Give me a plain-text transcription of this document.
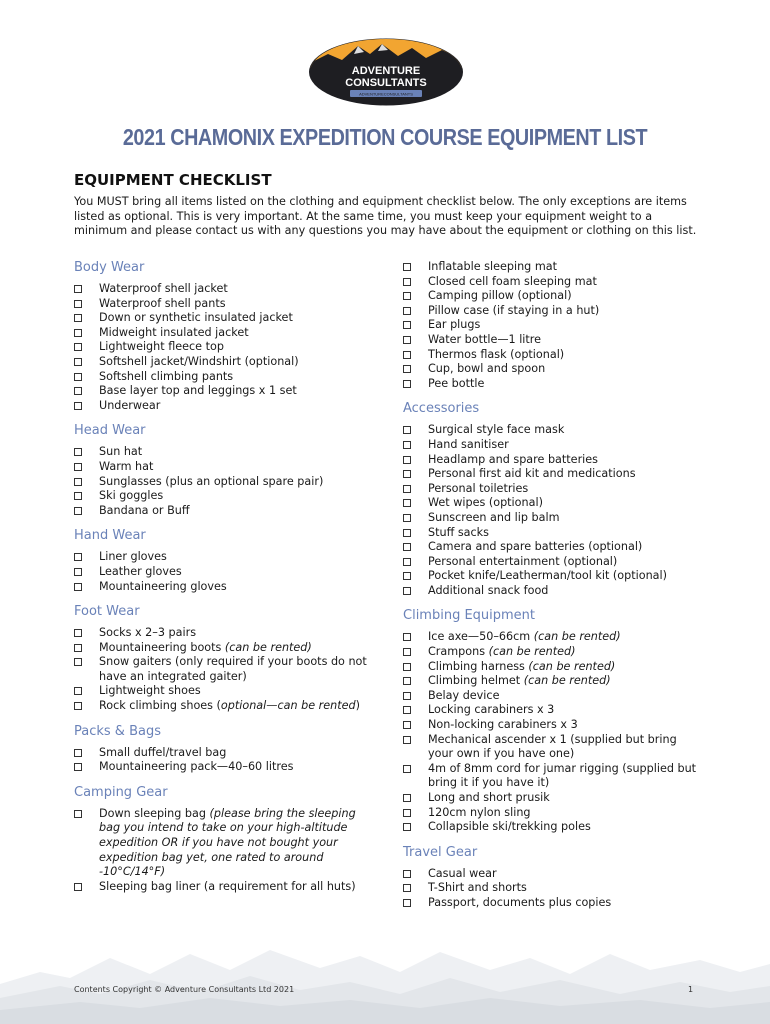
ADVENTURE
CONSULTANTS
ADVENTURECONSULTANTS
2021 CHAMONIX EXPEDITION COURSE EQUIPMENT LIST
EQUIPMENT CHECKLIST
You MUST bring all items listed on the clothing and equipment checklist below. The only exceptions are items listed as optional. This is very important. At the same time, you must keep your equipment weight to a minimum and please contact us with any questions you may have about the equipment or clothing on this list.
Body Wear
Waterproof shell jacket
Waterproof shell pants
Down or synthetic insulated jacket
Midweight insulated jacket
Lightweight fleece top
Softshell jacket/Windshirt (optional)
Softshell climbing pants
Base layer top and leggings x 1 set
Underwear
Head Wear
Sun hat
Warm hat
Sunglasses (plus an optional spare pair)
Ski goggles
Bandana or Buff
Hand Wear
Liner gloves
Leather gloves
Mountaineering gloves
Foot Wear
Socks x 2–3 pairs
Mountaineering boots (can be rented)
Snow gaiters (only required if your boots do not have an integrated gaiter)
Lightweight shoes
Rock climbing shoes (optional—can be rented)
Packs & Bags
Small duffel/travel bag
Mountaineering pack—40–60 litres
Camping Gear
Down sleeping bag (please bring the sleeping bag you intend to take on your high-altitude expedition OR if you have not bought your expedition bag yet, one rated to around -10°C/14°F)
Sleeping bag liner (a requirement for all huts)
Inflatable sleeping mat
Closed cell foam sleeping mat
Camping pillow (optional)
Pillow case (if staying in a hut)
Ear plugs
Water bottle—1 litre
Thermos flask (optional)
Cup, bowl and spoon
Pee bottle
Accessories
Surgical style face mask
Hand sanitiser
Headlamp and spare batteries
Personal first aid kit and medications
Personal toiletries
Wet wipes (optional)
Sunscreen and lip balm
Stuff sacks
Camera and spare batteries (optional)
Personal entertainment (optional)
Pocket knife/Leatherman/tool kit (optional)
Additional snack food
Climbing Equipment
Ice axe—50–66cm (can be rented)
Crampons (can be rented)
Climbing harness (can be rented)
Climbing helmet (can be rented)
Belay device
Locking carabiners x 3
Non-locking carabiners x 3
Mechanical ascender x 1 (supplied but bring your own if you have one)
4m of 8mm cord for jumar rigging (supplied but bring it if you have it)
Long and short prusik
120cm nylon sling
Collapsible ski/trekking poles
Travel Gear
Casual wear
T-Shirt and shorts
Passport, documents plus copies
Contents Copyright © Adventure Consultants Ltd 2021	1
